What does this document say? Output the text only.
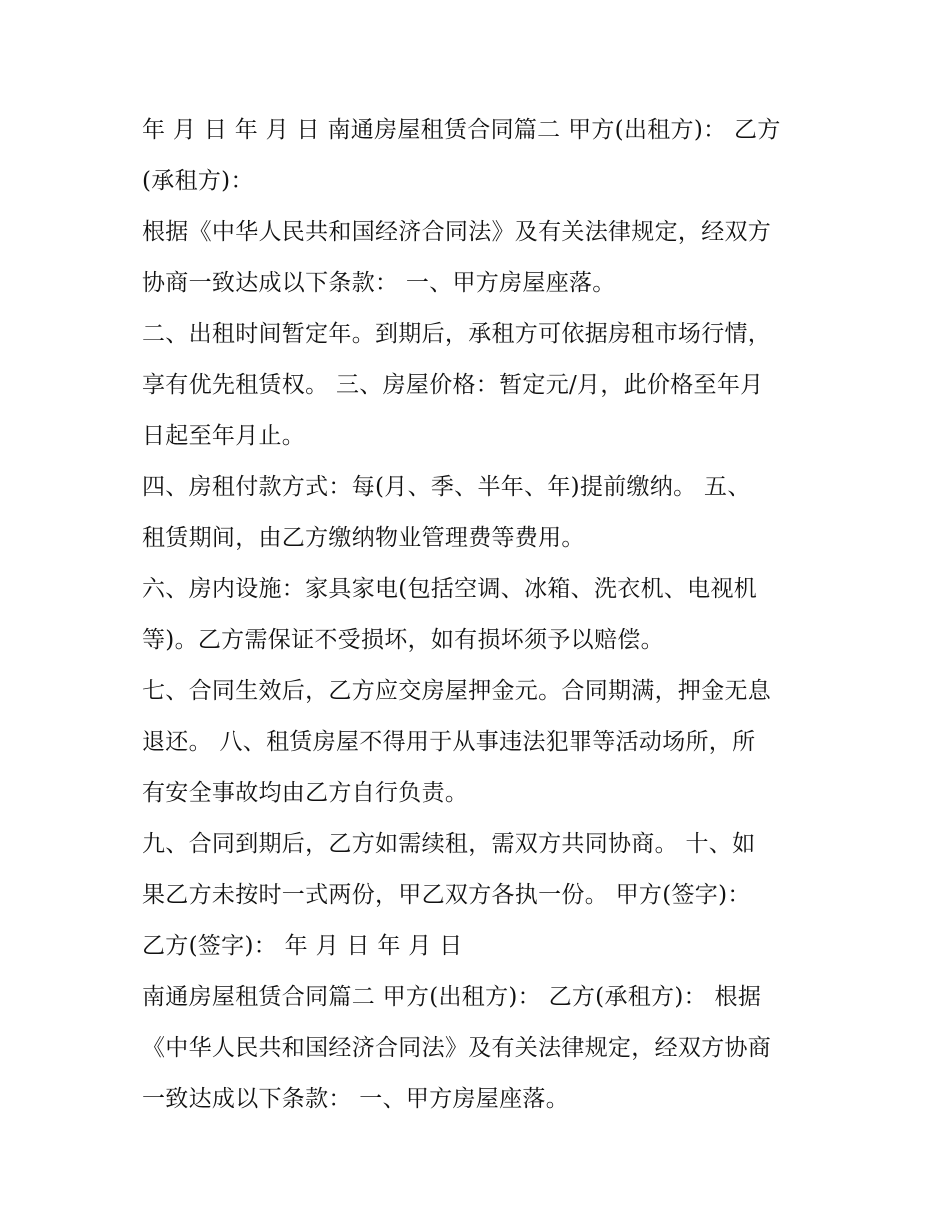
年 月 日 年 月 日 南通房屋租赁合同篇二 甲方(出租方)： 乙方
(承租方)：
根据《中华人民共和国经济合同法》及有关法律规定，经双方
协商一致达成以下条款： 一、甲方房屋座落。
二、出租时间暂定年。到期后，承租方可依据房租市场行情，
享有优先租赁权。 三、房屋价格：暂定元/月，此价格至年月
日起至年月止。
四、房租付款方式：每(月、季、半年、年)提前缴纳。 五、
租赁期间，由乙方缴纳物业管理费等费用。
六、房内设施：家具家电(包括空调、冰箱、洗衣机、电视机
等)。乙方需保证不受损坏，如有损坏须予以赔偿。
七、合同生效后，乙方应交房屋押金元。合同期满，押金无息
退还。 八、租赁房屋不得用于从事违法犯罪等活动场所，所
有安全事故均由乙方自行负责。
九、合同到期后，乙方如需续租，需双方共同协商。 十、如
果乙方未按时一式两份，甲乙双方各执一份。 甲方(签字)：
乙方(签字)： 年 月 日 年 月 日
南通房屋租赁合同篇二 甲方(出租方)： 乙方(承租方)： 根据
《中华人民共和国经济合同法》及有关法律规定，经双方协商
一致达成以下条款： 一、甲方房屋座落。
